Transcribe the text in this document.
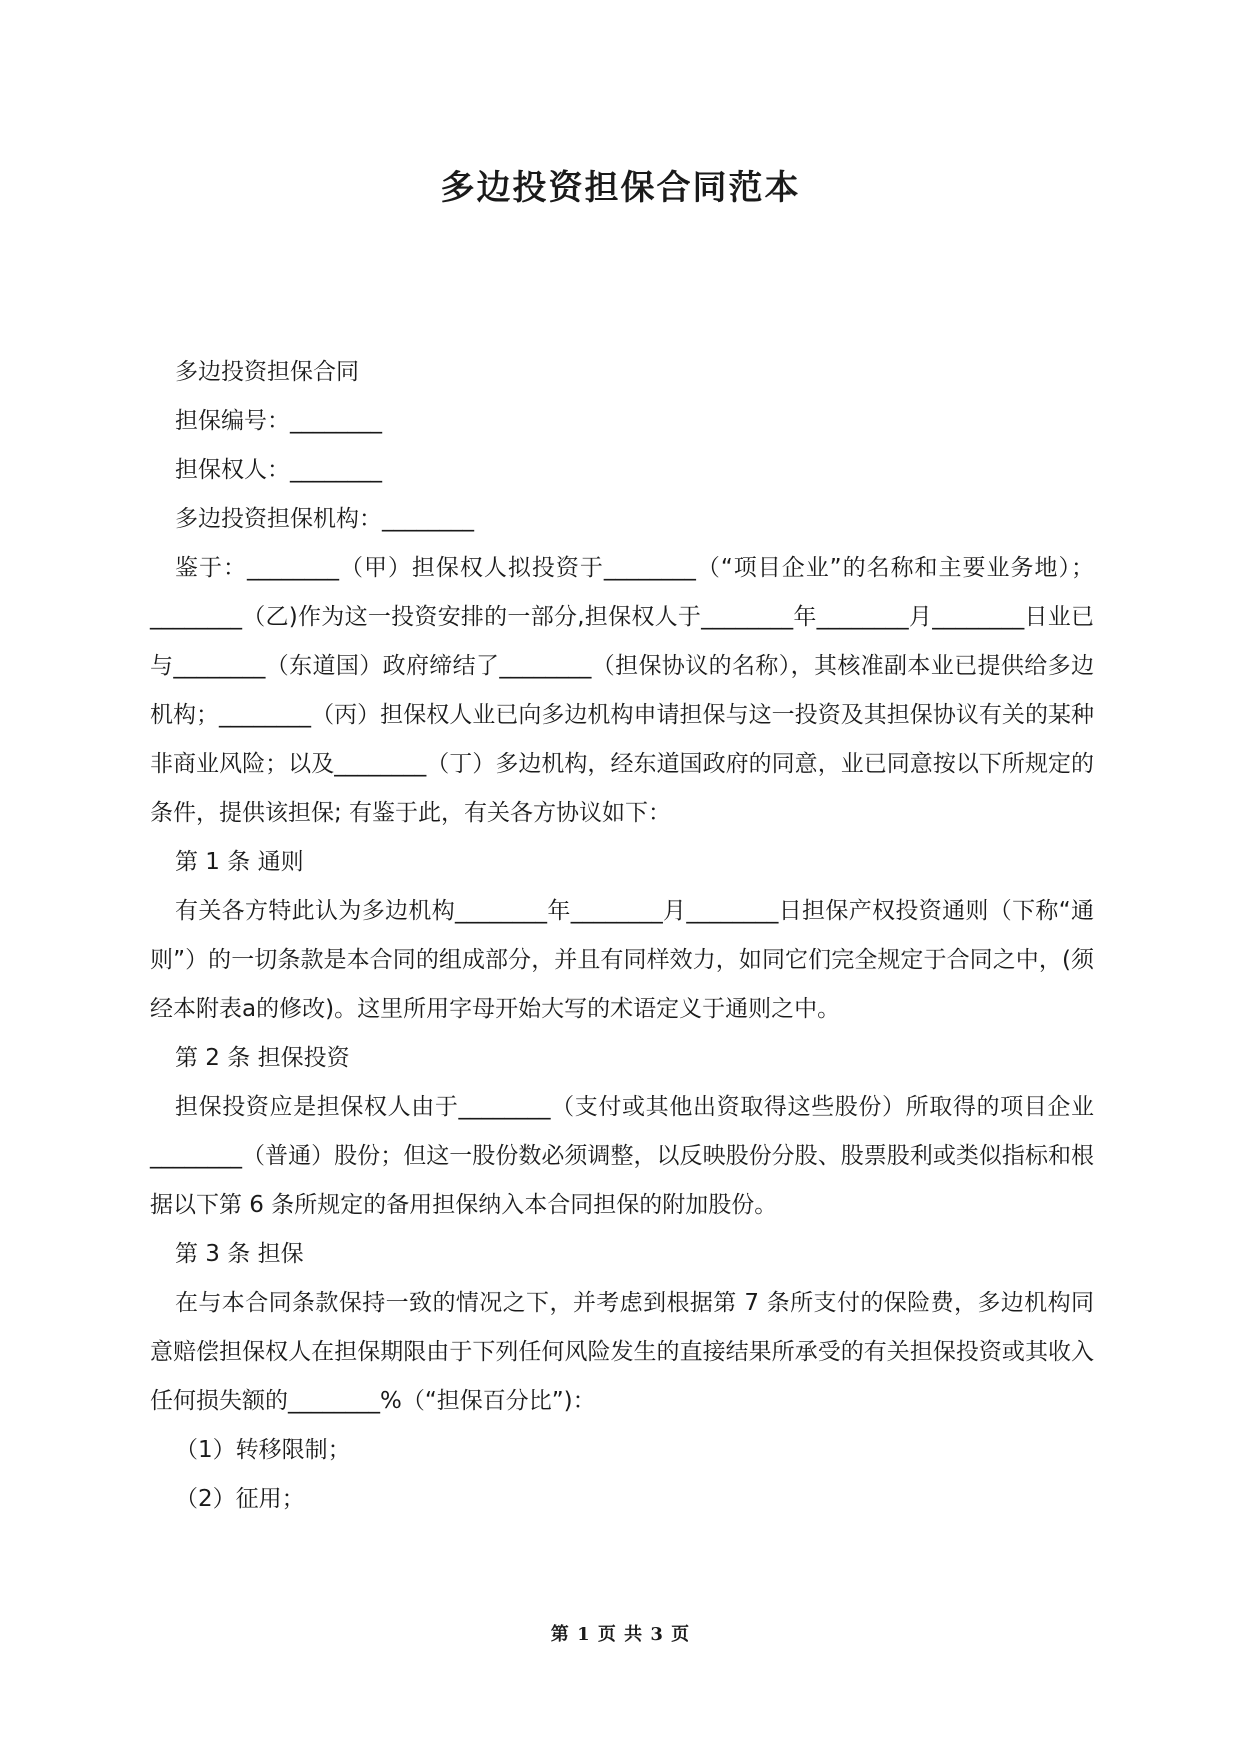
多边投资担保合同范本

多边投资担保合同

担保编号：________

担保权人：________

多边投资担保机构：________

鉴于：________（甲）担保权人拟投资于________（“项目企业”的名称和主要业务地）；________（乙)作为这一投资安排的一部分,担保权人于________年________月________日业已与________（东道国）政府缔结了________（担保协议的名称），其核准副本业已提供给多边机构；________（丙）担保权人业已向多边机构申请担保与这一投资及其担保协议有关的某种非商业风险；以及________（丁）多边机构，经东道国政府的同意，业已同意按以下所规定的条件，提供该担保; 有鉴于此，有关各方协议如下：

第 1 条 通则

有关各方特此认为多边机构________年________月________日担保产权投资通则（下称“通则”）的一切条款是本合同的组成部分，并且有同样效力，如同它们完全规定于合同之中，(须经本附表a的修改)。这里所用字母开始大写的术语定义于通则之中。

第 2 条 担保投资

担保投资应是担保权人由于________（支付或其他出资取得这些股份）所取得的项目企业________（普通）股份；但这一股份数必须调整，以反映股份分股、股票股利或类似指标和根据以下第 6 条所规定的备用担保纳入本合同担保的附加股份。

第 3 条 担保

在与本合同条款保持一致的情况之下，并考虑到根据第 7 条所支付的保险费，多边机构同意赔偿担保权人在担保期限由于下列任何风险发生的直接结果所承受的有关担保投资或其收入任何损失额的________%（“担保百分比”)：

（1）转移限制；

（2）征用；

第 1 页 共 3 页
